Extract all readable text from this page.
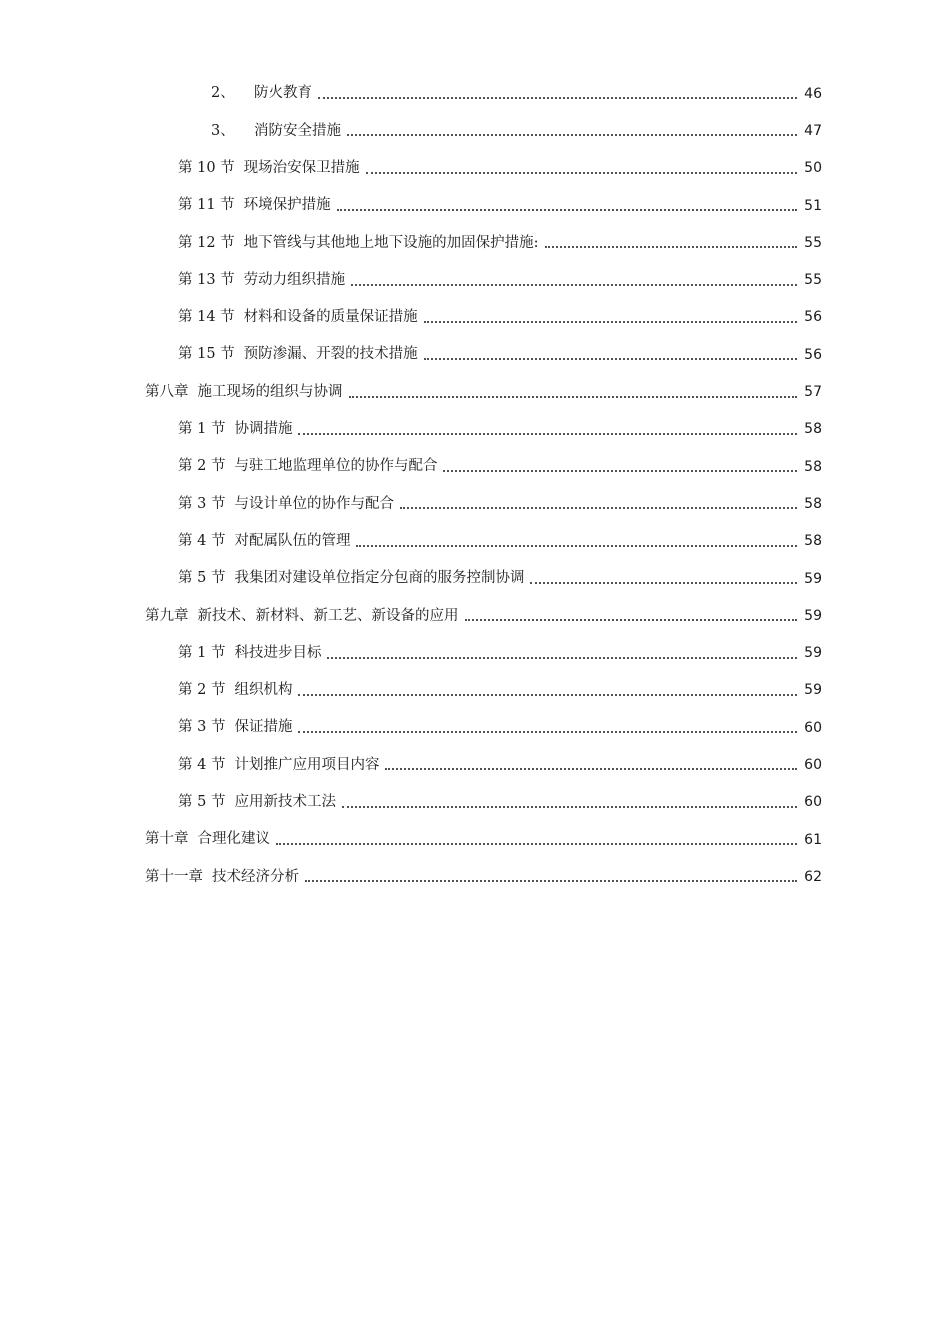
2、 防火教育	46
3、 消防安全措施	47
第 10 节 现场治安保卫措施	50
第 11 节 环境保护措施	51
第 12 节 地下管线与其他地上地下设施的加固保护措施:	55
第 13 节 劳动力组织措施	55
第 14 节 材料和设备的质量保证措施	56
第 15 节 预防渗漏、开裂的技术措施	56
第八章 施工现场的组织与协调	57
第 1 节 协调措施	58
第 2 节 与驻工地监理单位的协作与配合	58
第 3 节 与设计单位的协作与配合	58
第 4 节 对配属队伍的管理	58
第 5 节 我集团对建设单位指定分包商的服务控制协调	59
第九章 新技术、新材料、新工艺、新设备的应用	59
第 1 节 科技进步目标	59
第 2 节 组织机构	59
第 3 节 保证措施	60
第 4 节 计划推广应用项目内容	60
第 5 节 应用新技术工法	60
第十章 合理化建议	61
第十一章 技术经济分析	62
